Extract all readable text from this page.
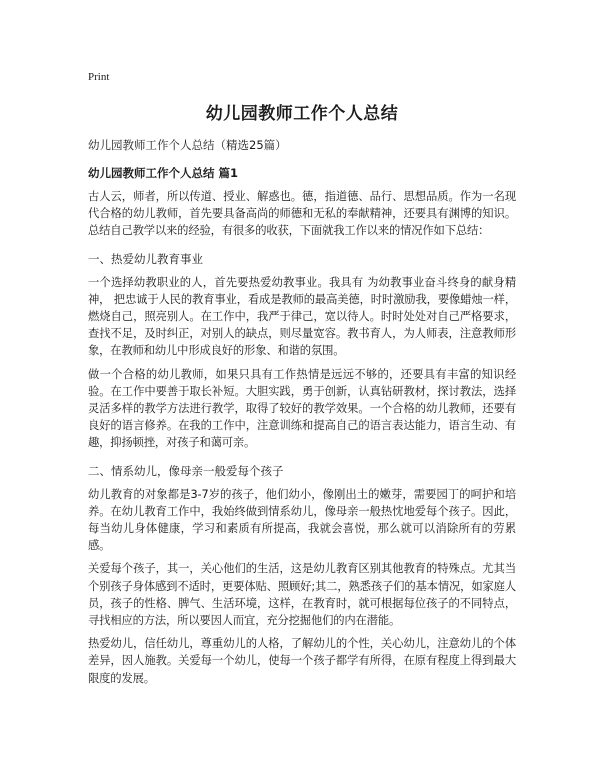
Print

幼儿园教师工作个人总结

幼儿园教师工作个人总结（精选25篇）

幼儿园教师工作个人总结 篇1

古人云，师者，所以传道、授业、解惑也。德，指道德、品行、思想品质。作为一名现代合格的幼儿教师，首先要具备高尚的师德和无私的奉献精神，还要具有渊博的知识。总结自己教学以来的经验，有很多的收获，下面就我工作以来的情况作如下总结：

一、热爱幼儿教育事业

一个选择幼教职业的人，首先要热爱幼教事业。我具有 为幼教事业奋斗终身的献身精神， 把忠诚于人民的教育事业，看成是教师的最高美德，时时激励我，要像蜡烛一样，燃烧自己，照亮别人。在工作中，我严于律己，宽以待人。时时处处对自己严格要求，查找不足，及时纠正，对别人的缺点，则尽量宽容。教书育人，为人师表，注意教师形象，在教师和幼儿中形成良好的形象、和谐的氛围。

做一个合格的幼儿教师，如果只具有工作热情是远远不够的，还要具有丰富的知识经验。在工作中要善于取长补短。大胆实践，勇于创新，认真钻研教材，探讨教法，选择灵活多样的教学方法进行教学，取得了较好的教学效果。一个合格的幼儿教师，还要有良好的语言修养。在我的工作中，注意训练和提高自己的语言表达能力，语言生动、有趣，抑扬顿挫，对孩子和蔼可亲。

二、情系幼儿，像母亲一般爱每个孩子

幼儿教育的对象都是3-7岁的孩子，他们幼小，像刚出土的嫩芽，需要园丁的呵护和培养。在幼儿教育工作中，我始终做到情系幼儿，像母亲一般热忱地爱每个孩子。因此，每当幼儿身体健康，学习和素质有所提高，我就会喜悦，那么就可以消除所有的劳累感。

关爱每个孩子，其一，关心他们的生活，这是幼儿教育区别其他教育的特殊点。尤其当个别孩子身体感到不适时，更要体贴、照顾好;其二，熟悉孩子们的基本情况，如家庭人员，孩子的性格、脾气、生活环境，这样，在教育时，就可根据每位孩子的不同特点，寻找相应的方法，所以要因人而宜，充分挖掘他们的内在潜能。

热爱幼儿，信任幼儿，尊重幼儿的人格，了解幼儿的个性，关心幼儿，注意幼儿的个体差异，因人施教。关爱每一个幼儿，使每一个孩子都学有所得，在原有程度上得到最大限度的发展。
